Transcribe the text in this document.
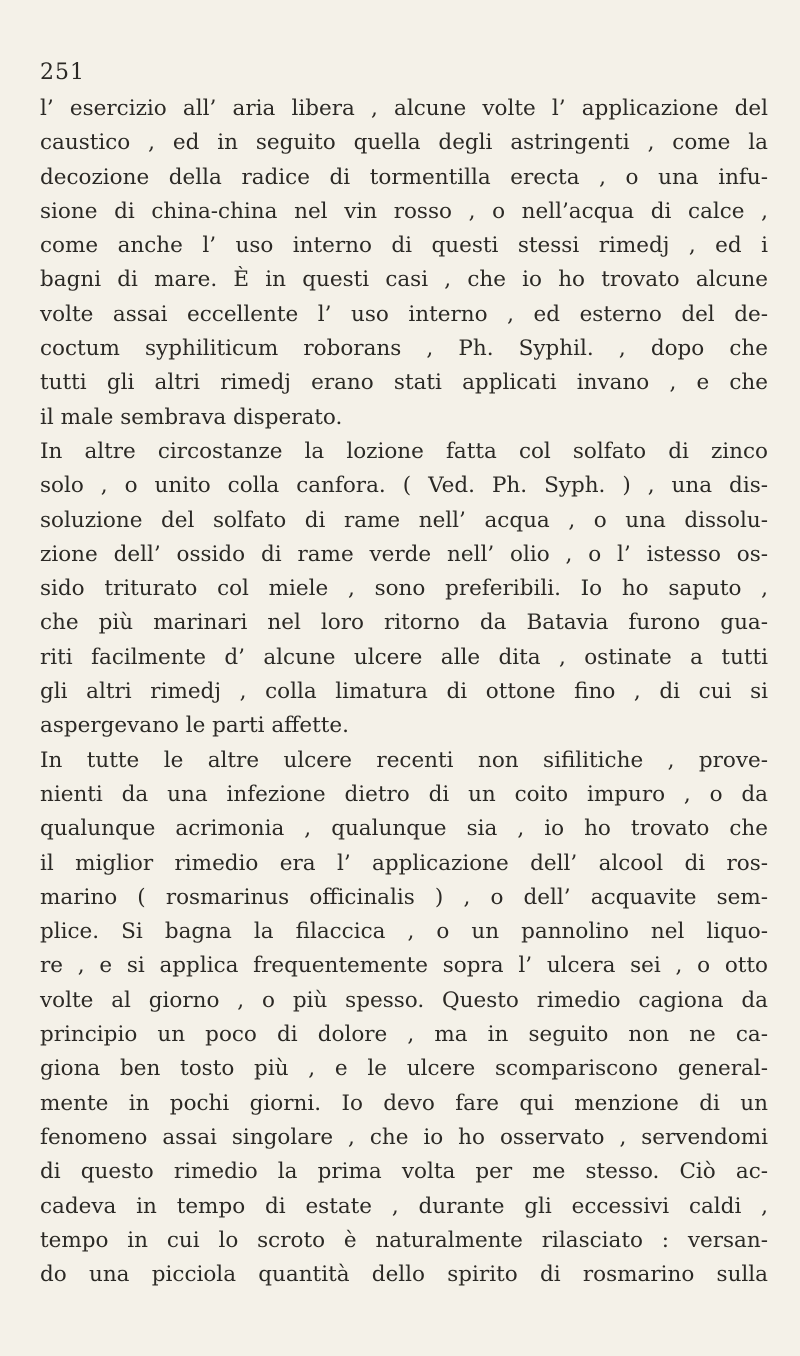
251
l’ esercizio all’ aria libera , alcune volte l’ applicazione del
caustico , ed in seguito quella degli astringenti , come la
decozione della radice di tormentilla erecta , o una infu-
sione di china-china nel vin rosso , o nell’acqua di calce ,
come anche l’ uso interno di questi stessi rimedj , ed i
bagni di mare. È in questi casi , che io ho trovato alcune
volte assai eccellente l’ uso interno , ed esterno del de-
coctum syphiliticum roborans , Ph. Syphil. , dopo che
tutti gli altri rimedj erano stati applicati invano , e che
il male sembrava disperato.
In altre circostanze la lozione fatta col solfato di zinco
solo , o unito colla canfora. ( Ved. Ph. Syph. ) , una dis-
soluzione del solfato di rame nell’ acqua , o una dissolu-
zione dell’ ossido di rame verde nell’ olio , o l’ istesso os-
sido triturato col miele , sono preferibili. Io ho saputo ,
che più marinari nel loro ritorno da Batavia furono gua-
riti facilmente d’ alcune ulcere alle dita , ostinate a tutti
gli altri rimedj , colla limatura di ottone fino , di cui si
aspergevano le parti affette.
In tutte le altre ulcere recenti non sifilitiche , prove-
nienti da una infezione dietro di un coito impuro , o da
qualunque acrimonia , qualunque sia , io ho trovato che
il miglior rimedio era l’ applicazione dell’ alcool di ros-
marino ( rosmarinus officinalis ) , o dell’ acquavite sem-
plice. Si bagna la filaccica , o un pannolino nel liquo-
re , e si applica frequentemente sopra l’ ulcera sei , o otto
volte al giorno , o più spesso. Questo rimedio cagiona da
principio un poco di dolore , ma in seguito non ne ca-
giona ben tosto più , e le ulcere scompariscono general-
mente in pochi giorni. Io devo fare qui menzione di un
fenomeno assai singolare , che io ho osservato , servendomi
di questo rimedio la prima volta per me stesso. Ciò ac-
cadeva in tempo di estate , durante gli eccessivi caldi ,
tempo in cui lo scroto è naturalmente rilasciato : versan-
do una picciola quantità dello spirito di rosmarino sulla
